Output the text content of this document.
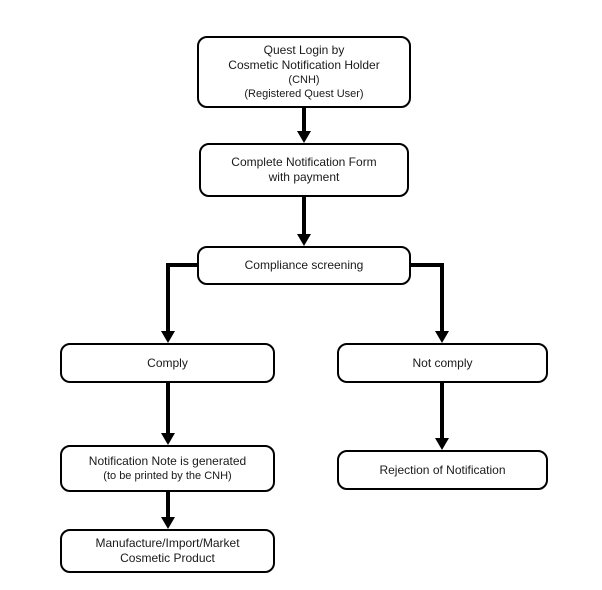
Quest Login by
Cosmetic Notification Holder
(CNH)
(Registered Quest User)
Complete Notification Form
with payment
Compliance screening
Comply	Not comply
Notification Note is generated
(to be printed by the CNH)	Rejection of Notification
Manufacture/Import/Market
Cosmetic Product
